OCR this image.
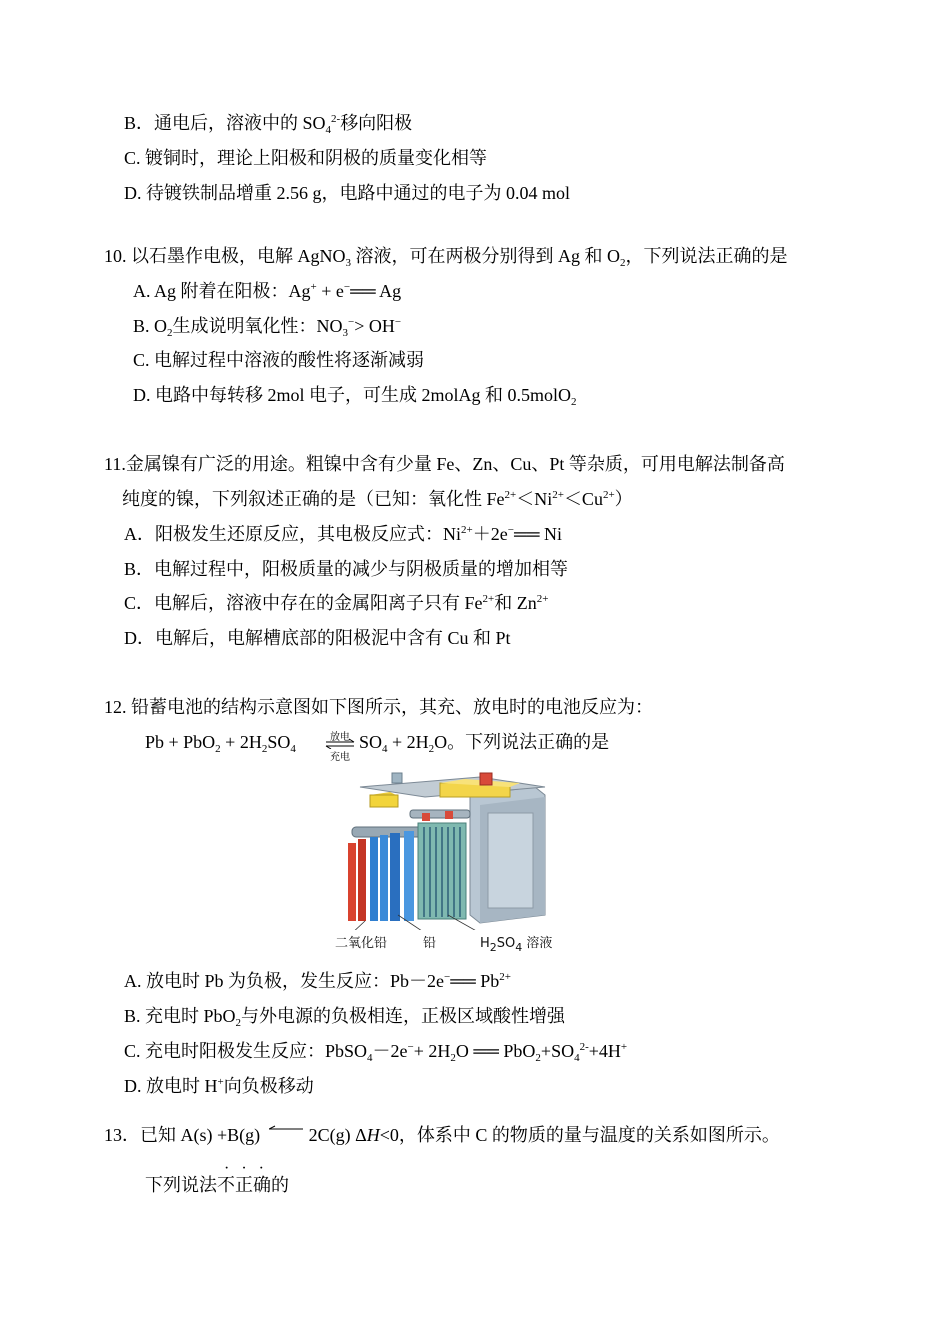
B．通电后，溶液中的 $SO_4^{2-}$移向阳极
C. 镀铜时，理论上阳极和阴极的质量变化相等
D. 待镀铁制品增重 2.56 g，电路中通过的电子为 0.04 mol
10. 以石墨作电极，电解 AgNO$_3$ 溶液，可在两极分别得到 Ag 和 $O_2$，下列说法正确的是
A. Ag 附着在阳极：Ag+ + e−══ Ag
B. $O_2$生成说明氧化性：$NO_3^-> OH^-$
C. 电解过程中溶液的酸性将逐渐减弱
D. 电路中每转移 2mol 电子，可生成 2molAg 和 0.5molO$_2$
11.金属镍有广泛的用途。粗镍中含有少量 Fe、Zn、Cu、Pt 等杂质，可用电解法制备高
纯度的镍，下列叙述正确的是（已知：氧化性 $Fe^{2+}<Ni^{2+}<Cu^{2+}$）
A．阳极发生还原反应，其电极反应式：$Ni^{2+}+2e^-══$ Ni
B．电解过程中，阳极质量的减少与阴极质量的增加相等
C．电解后，溶液中存在的金属阳离子只有 $Fe^{2+}$和 $Zn^{2+}$
D．电解后，电解槽底部的阳极泥中含有 Cu 和 Pt
12. 铅蓄电池的结构示意图如下图所示，其充、放电时的电池反应为：
$Pb + PbO_2 + 2H_2SO_4$
放电
充电
$SO_4 + 2H_2O$。下列说法正确的是
二氧化铅	铅	$H_2SO_4$ 溶液
A. 放电时 Pb 为负极，发生反应：Pb－2e−══ $Pb^{2+}$
B. 充电时 PbO$_2$与外电源的负极相连，正极区域酸性增强
C. 充电时阳极发生反应：PbSO$_4$－2e−+ $2H_2O$ ══ $PbO_2+SO_4^{2-}+4H^+$
D. 放电时 H+向负极移动
13．已知 A(s) +B(g) 2C(g) ΔH<0，体系中 C 的物质的量与温度的关系如图所示。
···
下列说法不正确的
